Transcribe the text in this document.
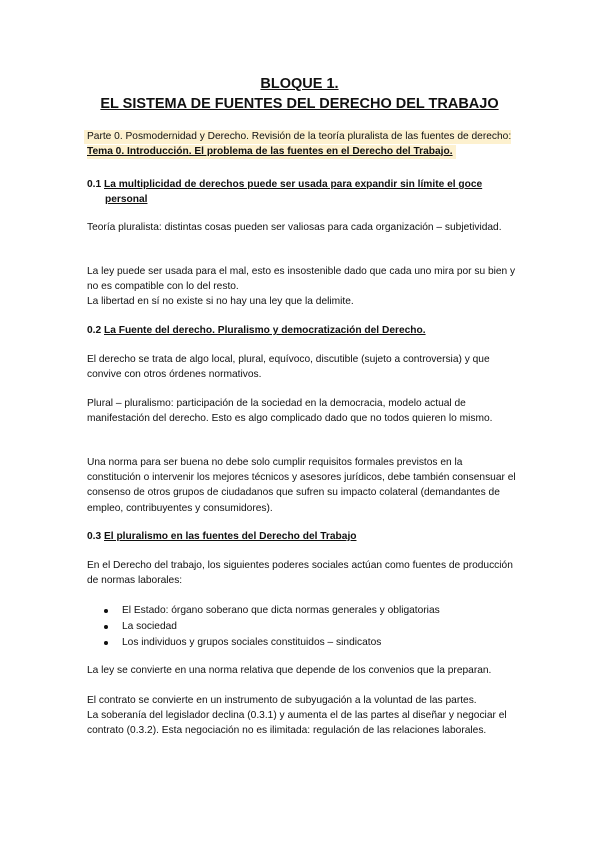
BLOQUE 1.

EL SISTEMA DE FUENTES DEL DERECHO DEL TRABAJO

Parte 0. Posmodernidad y Derecho. Revisión de la teoría pluralista de las fuentes de derecho: Tema 0. Introducción. El problema de las fuentes en el Derecho del Trabajo.

0.1 La multiplicidad de derechos puede ser usada para expandir sin límite el goce
personal

Teoría pluralista: distintas cosas pueden ser valiosas para cada organización – subjetividad.

La ley puede ser usada para el mal, esto es insostenible dado que cada uno mira por su bien y no es compatible con lo del resto.

La libertad en sí no existe si no hay una ley que la delimite.

0.2 La Fuente del derecho. Pluralismo y democratización del Derecho.

El derecho se trata de algo local, plural, equívoco, discutible (sujeto a controversia) y que convive con otros órdenes normativos.

Plural – pluralismo: participación de la sociedad en la democracia, modelo actual de manifestación del derecho. Esto es algo complicado dado que no todos quieren lo mismo.

Una norma para ser buena no debe solo cumplir requisitos formales previstos en la constitución o intervenir los mejores técnicos y asesores jurídicos, debe también consensuar el consenso de otros grupos de ciudadanos que sufren su impacto colateral (demandantes de empleo, contribuyentes y consumidores).

0.3 El pluralismo en las fuentes del Derecho del Trabajo

En el Derecho del trabajo, los siguientes poderes sociales actúan como fuentes de producción de normas laborales:

El Estado: órgano soberano que dicta normas generales y obligatorias
La sociedad
Los individuos y grupos sociales constituidos – sindicatos

La ley se convierte en una norma relativa que depende de los convenios que la preparan.

El contrato se convierte en un instrumento de subyugación a la voluntad de las partes.

La soberanía del legislador declina (0.3.1) y aumenta el de las partes al diseñar y negociar el contrato (0.3.2). Esta negociación no es ilimitada: regulación de las relaciones laborales.
